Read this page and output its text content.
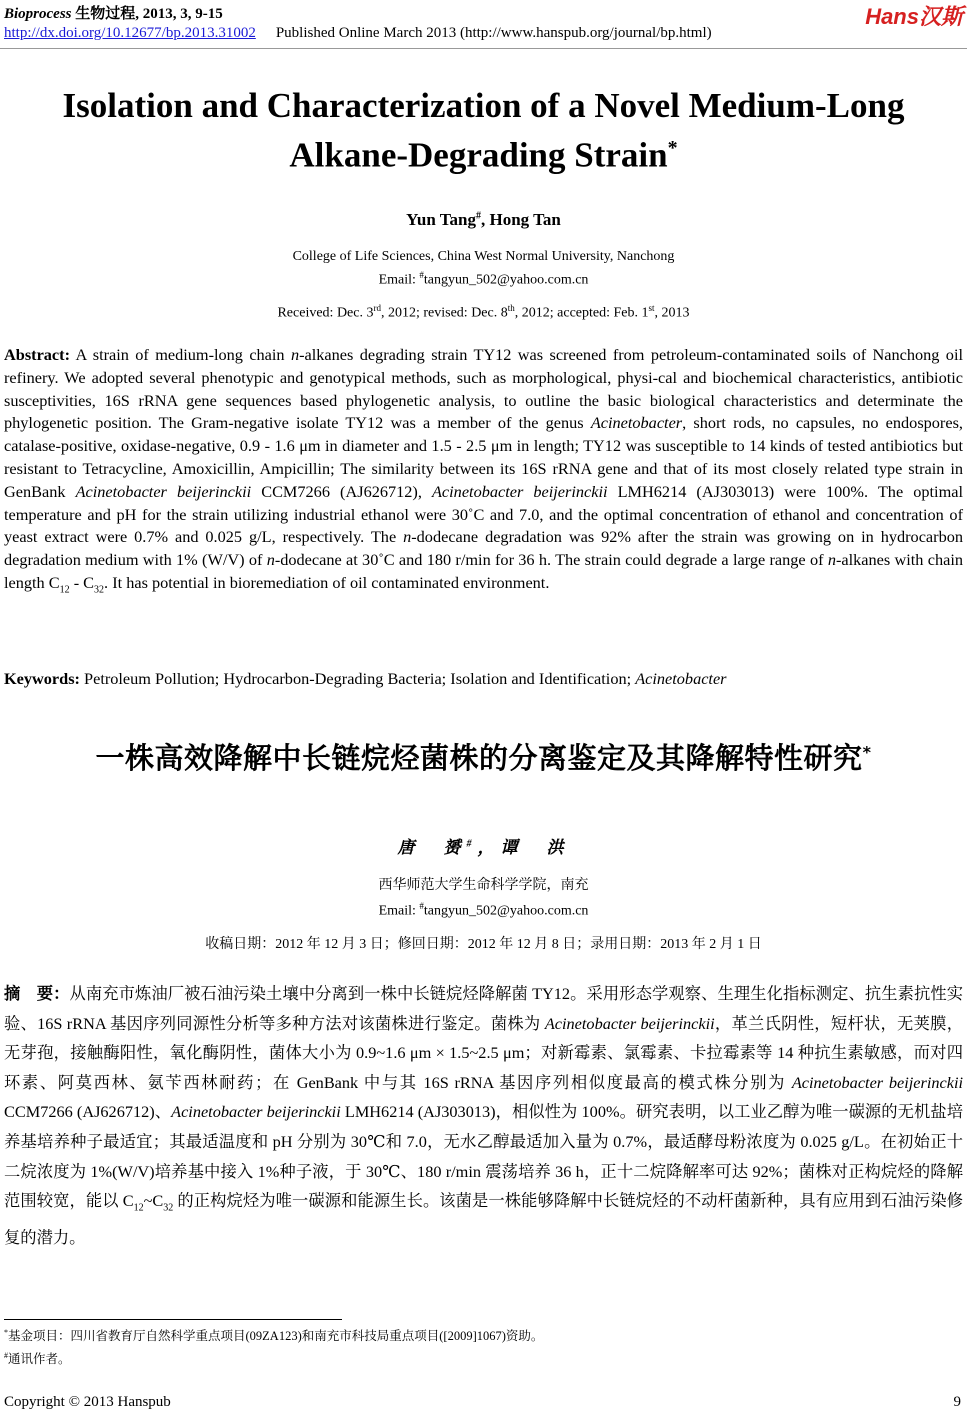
Bioprocess 生物过程, 2013, 3, 9-15
http://dx.doi.org/10.12677/bp.2013.31002 Published Online March 2013 (http://www.hanspub.org/journal/bp.html)
Hans汉斯
Isolation and Characterization of a Novel Medium-Long
Alkane-Degrading Strain*
Yun Tang#, Hong Tan
College of Life Sciences, China West Normal University, Nanchong
Email: #tangyun_502@yahoo.com.cn
Received: Dec. 3rd, 2012; revised: Dec. 8th, 2012; accepted: Feb. 1st, 2013
Abstract: A strain of medium-long chain n-alkanes degrading strain TY12 was screened from petroleum-contaminated soils of Nanchong oil refinery. We adopted several phenotypic and genotypical methods, such as morphological, physi-cal and biochemical characteristics, antibiotic susceptivities, 16S rRNA gene sequences based phylogenetic analysis, to outline the basic biological characteristics and determinate the phylogenetic position. The Gram-negative isolate TY12 was a member of the genus Acinetobacter, short rods, no capsules, no endospores, catalase-positive, oxidase-negative, 0.9 - 1.6 μm in diameter and 1.5 - 2.5 μm in length; TY12 was susceptible to 14 kinds of tested antibiotics but resistant to Tetracycline, Amoxicillin, Ampicillin; The similarity between its 16S rRNA gene and that of its most closely related type strain in GenBank Acinetobacter beijerinckii CCM7266 (AJ626712), Acinetobacter beijerinckii LMH6214 (AJ303013) were 100%. The optimal temperature and pH for the strain utilizing industrial ethanol were 30˚C and 7.0, and the optimal concentration of ethanol and concentration of yeast extract were 0.7% and 0.025 g/L, respectively. The n-dodecane degradation was 92% after the strain was growing on in hydrocarbon degradation medium with 1% (W/V) of n-dodecane at 30˚C and 180 r/min for 36 h. The strain could degrade a large range of n-alkanes with chain length $C_{12} - C_{32}$. It has potential in bioremediation of oil contaminated environment.
Keywords: Petroleum Pollution; Hydrocarbon-Degrading Bacteria; Isolation and Identification; Acinetobacter
一株高效降解中长链烷烃菌株的分离鉴定及其降解特性研究*
唐　赟#，谭　洪
西华师范大学生命科学学院，南充
Email: #tangyun_502@yahoo.com.cn
收稿日期：2012 年 12 月 3 日；修回日期：2012 年 12 月 8 日；录用日期：2013 年 2 月 1 日
摘　要：从南充市炼油厂被石油污染土壤中分离到一株中长链烷烃降解菌 TY12。采用形态学观察、生理生化指标测定、抗生素抗性实验、16S rRNA 基因序列同源性分析等多种方法对该菌株进行鉴定。菌株为 Acinetobacter beijerinckii，革兰氏阴性，短杆状，无荚膜，无芽孢，接触酶阳性，氧化酶阴性，菌体大小为 0.9~1.6 μm × 1.5~2.5 μm；对新霉素、氯霉素、卡拉霉素等 14 种抗生素敏感，而对四环素、阿莫西林、氨苄西林耐药；在 GenBank 中与其 16S rRNA 基因序列相似度最高的模式株分别为 Acinetobacter beijerinckii CCM7266 (AJ626712)、Acinetobacter beijerinckii LMH6214 (AJ303013)，相似性为 100%。研究表明，以工业乙醇为唯一碳源的无机盐培养基培养种子最适宜；其最适温度和 pH 分别为 30℃和 7.0，无水乙醇最适加入量为 0.7%，最适酵母粉浓度为 0.025 g/L。在初始正十二烷浓度为 1%(W/V)培养基中接入 1%种子液，于 30℃、180 r/min 震荡培养 36 h，正十二烷降解率可达 92%；菌株对正构烷烃的降解范围较宽，能以 $C_{12}\sim C_{32}$ 的正构烷烃为唯一碳源和能源生长。该菌是一株能够降解中长链烷烃的不动杆菌新种，具有应用到石油污染修复的潜力。
*基金项目：四川省教育厅自然科学重点项目(09ZA123)和南充市科技局重点项目([2009]1067)资助。
#通讯作者。
Copyright © 2013 Hanspub	9
